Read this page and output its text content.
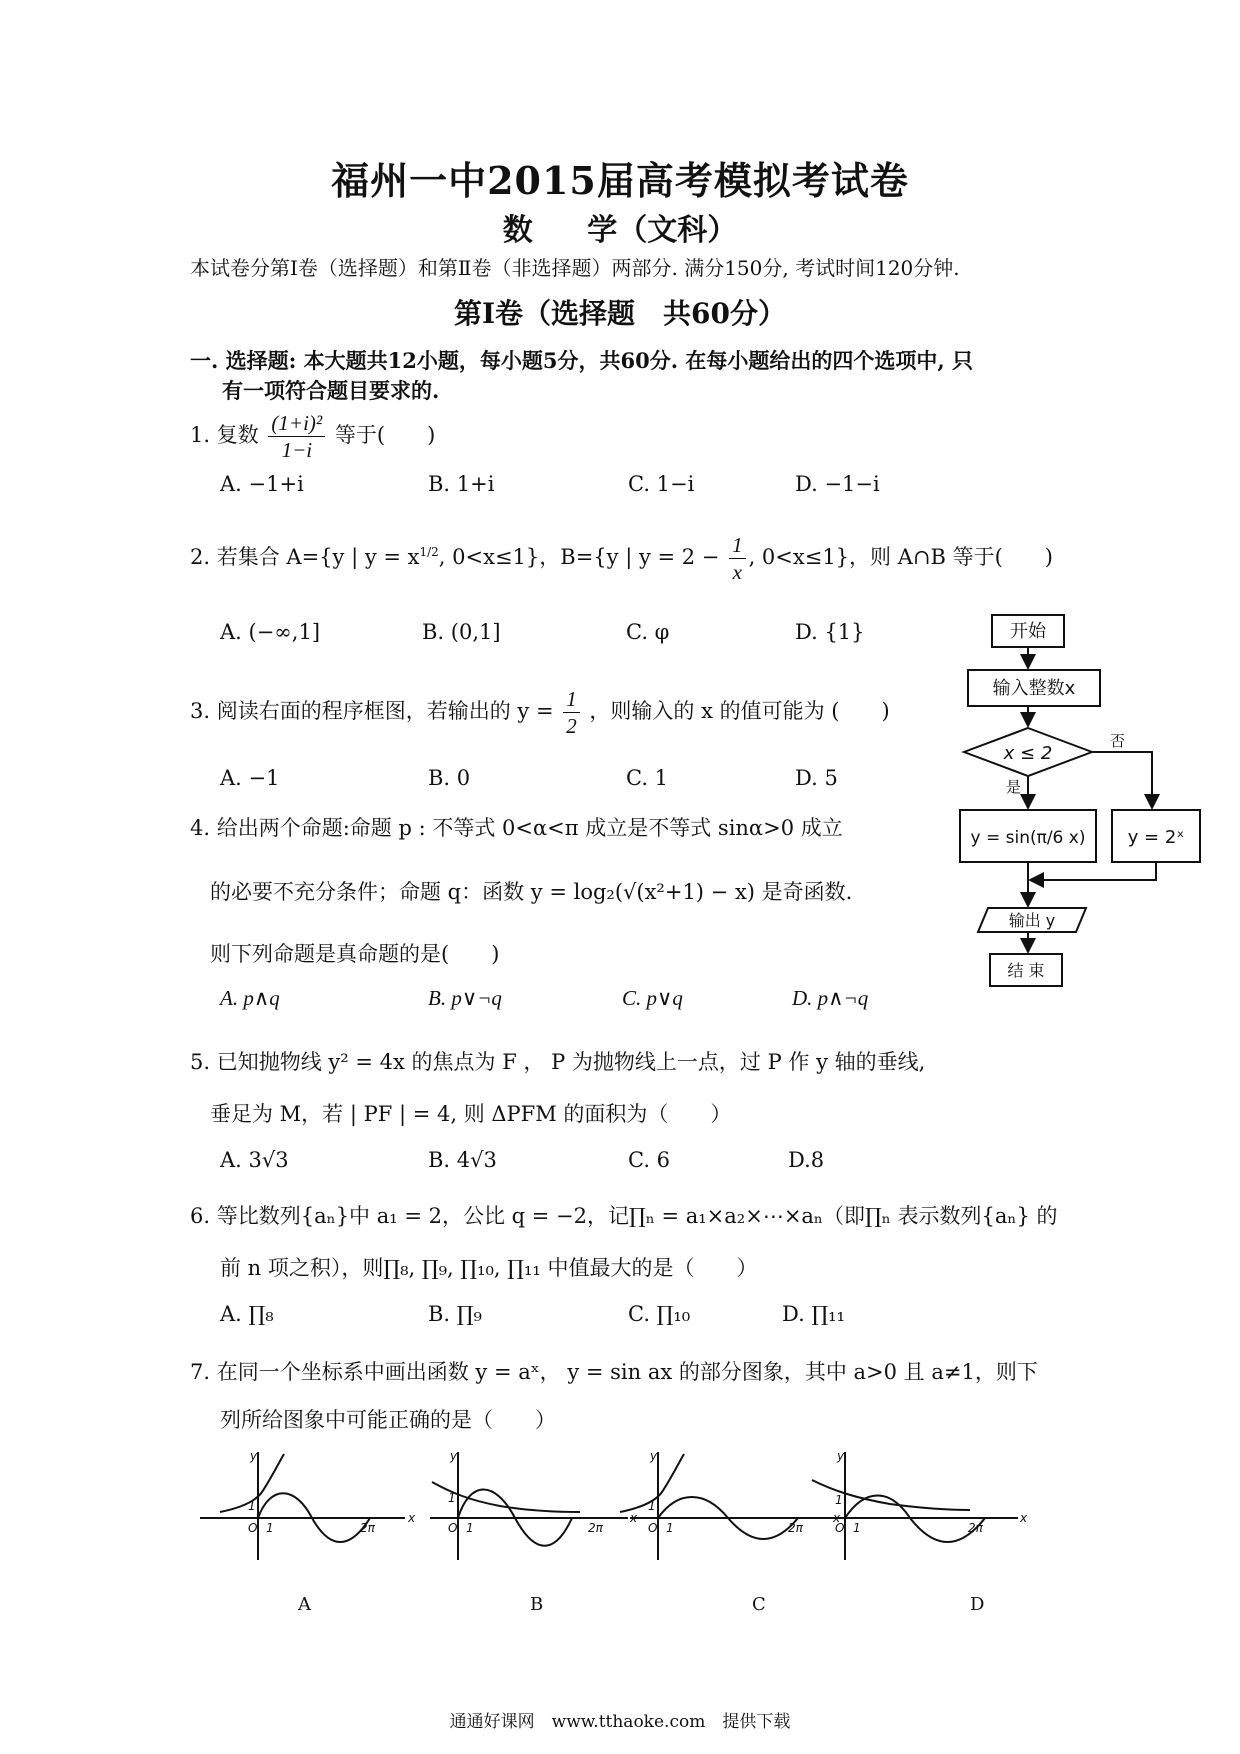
福州一中2015届高考模拟考试卷
数 学（文科）
本试卷分第Ⅰ卷（选择题）和第Ⅱ卷（非选择题）两部分. 满分150分, 考试时间120分钟.
第Ⅰ卷（选择题　共60分）
一. 选择题: 本大题共12小题，每小题5分，共60分. 在每小题给出的四个选项中, 只
有一项符合题目要求的.
1. 复数 $\frac{\text{(1+i)²}}{1-i}$ 等于(　　)
A. −1+i	B. 1+i	C. 1−i	D. −1−i
2. 若集合 A={y | $y = x^{1/2}$, 0<x≤1}，B={y | $y = 2 - \frac{1}{x}$ , 0<x≤1}，则 A∩B 等于(　　)
A. (−∞,1]	B. (0,1]	C. φ	D. {1}
3. 阅读右面的程序框图，若输出的 $y = \frac{1}{2}$ ，则输入的 x 的值可能为 (　　)
A. −1	B. 0	C. 1	D. 5
4. 给出两个命题:命题 p : 不等式 0<α<π 成立是不等式 sinα>0 成立
的必要不充分条件；命题 q：函数 y = log₂(√(x²+1) − x) 是奇函数.
则下列命题是真命题的是(　　)
A. p∧q	B. p∨¬q	C. p∨q	D. p∧¬q
开始
输入整数x
x ≤ 2
否
是
y = sin(π/6 x) y = 2ˣ
输出 y
结 束
5. 已知抛物线 y² = 4x 的焦点为 F ， P 为抛物线上一点，过 P 作 y 轴的垂线,
垂足为 M，若 | PF | = 4, 则 ΔPFM 的面积为（　　）
A. 3√3	B. 4√3	C. 6	D.8
6. 等比数列{aₙ}中 a₁ = 2，公比 q = −2，记∏ₙ = a₁×a₂×⋯×aₙ（即∏ₙ 表示数列{aₙ} 的
前 n 项之积），则∏₈, ∏₉, ∏₁₀, ∏₁₁ 中值最大的是（　　）
A. ∏₈	B. ∏₉	C. ∏₁₀	D. ∏₁₁
7. 在同一个坐标系中画出函数 y = aˣ， y = sin ax 的部分图象，其中 a>0 且 a≠1，则下
列所给图象中可能正确的是（　　）
y
x
O
1
1	2π
y
x
O
1
1	2π
y
x
O
1
1	2π
y
x
O
1
1	2π
A	B	C	D
通通好课网　www.tthaoke.com　提供下载
